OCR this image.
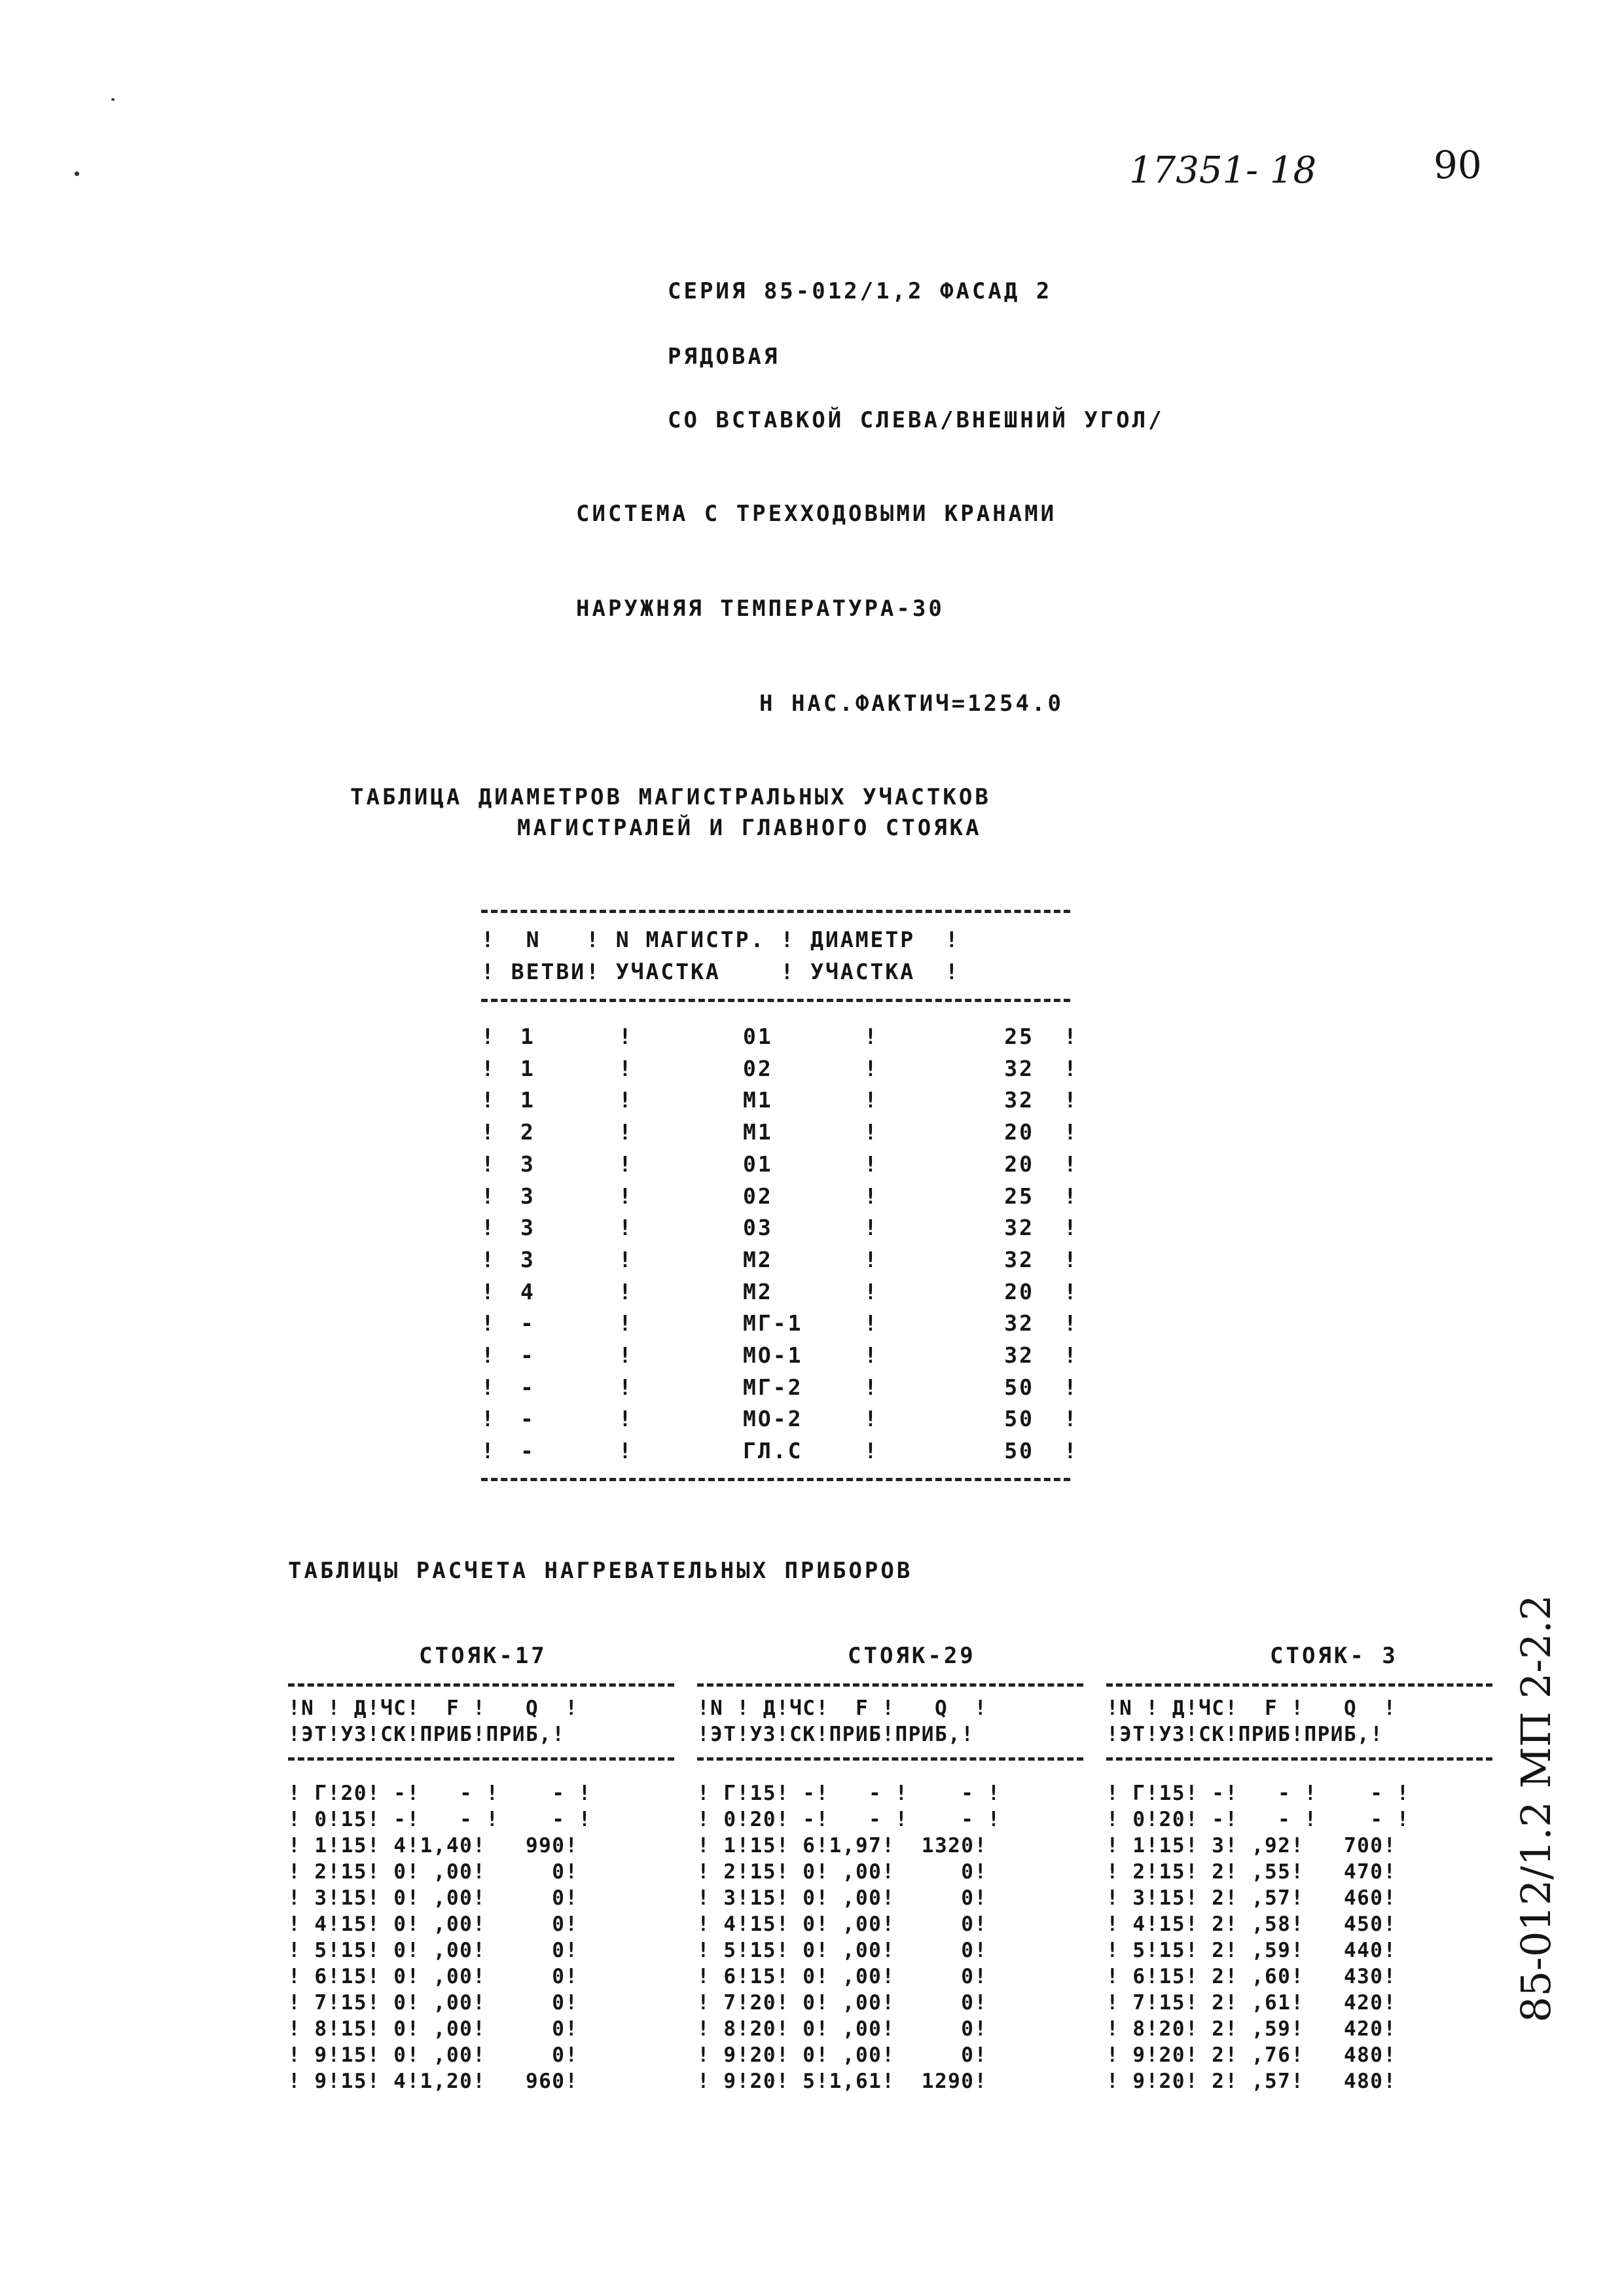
17351- 18	90
СЕРИЯ 85-012/1,2 ФАСАД 2
РЯДОВАЯ
СО ВСТАВКОЙ СЛЕВА/ВНЕШНИЙ УГОЛ/
СИСТЕМА С ТРЕХХОДОВЫМИ КРАНАМИ
НАРУЖНЯЯ ТЕМПЕРАТУРА-30
Н НАС.ФАКТИЧ=1254.0
ТАБЛИЦА ДИАМЕТРОВ МАГИСТРАЛЬНЫХ УЧАСТКОВ
МАГИСТРАЛЕЙ И ГЛАВНОГО СТОЯКА
!  N   ! N МАГИСТР. ! ДИАМЕТР  !
! ВЕТВИ! УЧАСТКА    ! УЧАСТКА  !
! 1	!	01	!	25 !
! 1	!	02	!	32 !
! 1	!	М1	!	32 !
! 2	!	М1	!	20 !
! 3	!	01	!	20 !
! 3	!	02	!	25 !
! 3	!	03	!	32 !
! 3	!	М2	!	32 !
! 4	!	М2	!	20 !
! -	!	МГ-1	!	32 !
! -	!	МО-1	!	32 !
! -	!	МГ-2	!	50 !
! -	!	МО-2	!	50 !
! -	!	ГЛ.С	!	50 !
ТАБЛИЦЫ РАСЧЕТА НАГРЕВАТЕЛЬНЫХ ПРИБОРОВ
СТОЯК-17
!N ! Д!ЧС!  F !   Q  !
!ЭТ!УЗ!СК!ПРИБ!ПРИБ,!
! Г!20! -!   - !    - !
! 0!15! -!   - !    - !
! 1!15! 4!1,40!   990!
! 2!15! 0! ,00!     0!
! 3!15! 0! ,00!     0!
! 4!15! 0! ,00!     0!
! 5!15! 0! ,00!     0!
! 6!15! 0! ,00!     0!
! 7!15! 0! ,00!     0!
! 8!15! 0! ,00!     0!
! 9!15! 0! ,00!     0!
! 9!15! 4!1,20!   960!
СТОЯК-29
!N ! Д!ЧС!  F !   Q  !
!ЭТ!УЗ!СК!ПРИБ!ПРИБ,!
! Г!15! -!   - !    - !
! 0!20! -!   - !    - !
! 1!15! 6!1,97!  1320!
! 2!15! 0! ,00!     0!
! 3!15! 0! ,00!     0!
! 4!15! 0! ,00!     0!
! 5!15! 0! ,00!     0!
! 6!15! 0! ,00!     0!
! 7!20! 0! ,00!     0!
! 8!20! 0! ,00!     0!
! 9!20! 0! ,00!     0!
! 9!20! 5!1,61!  1290!
СТОЯК- 3
!N ! Д!ЧС!  F !   Q  !
!ЭТ!УЗ!СК!ПРИБ!ПРИБ,!
! Г!15! -!   - !    - !
! 0!20! -!   - !    - !
! 1!15! 3! ,92!   700!
! 2!15! 2! ,55!   470!
! 3!15! 2! ,57!   460!
! 4!15! 2! ,58!   450!
! 5!15! 2! ,59!   440!
! 6!15! 2! ,60!   430!
! 7!15! 2! ,61!   420!
! 8!20! 2! ,59!   420!
! 9!20! 2! ,76!   480!
! 9!20! 2! ,57!   480!
85-012/1.2 МП 2-2.2
